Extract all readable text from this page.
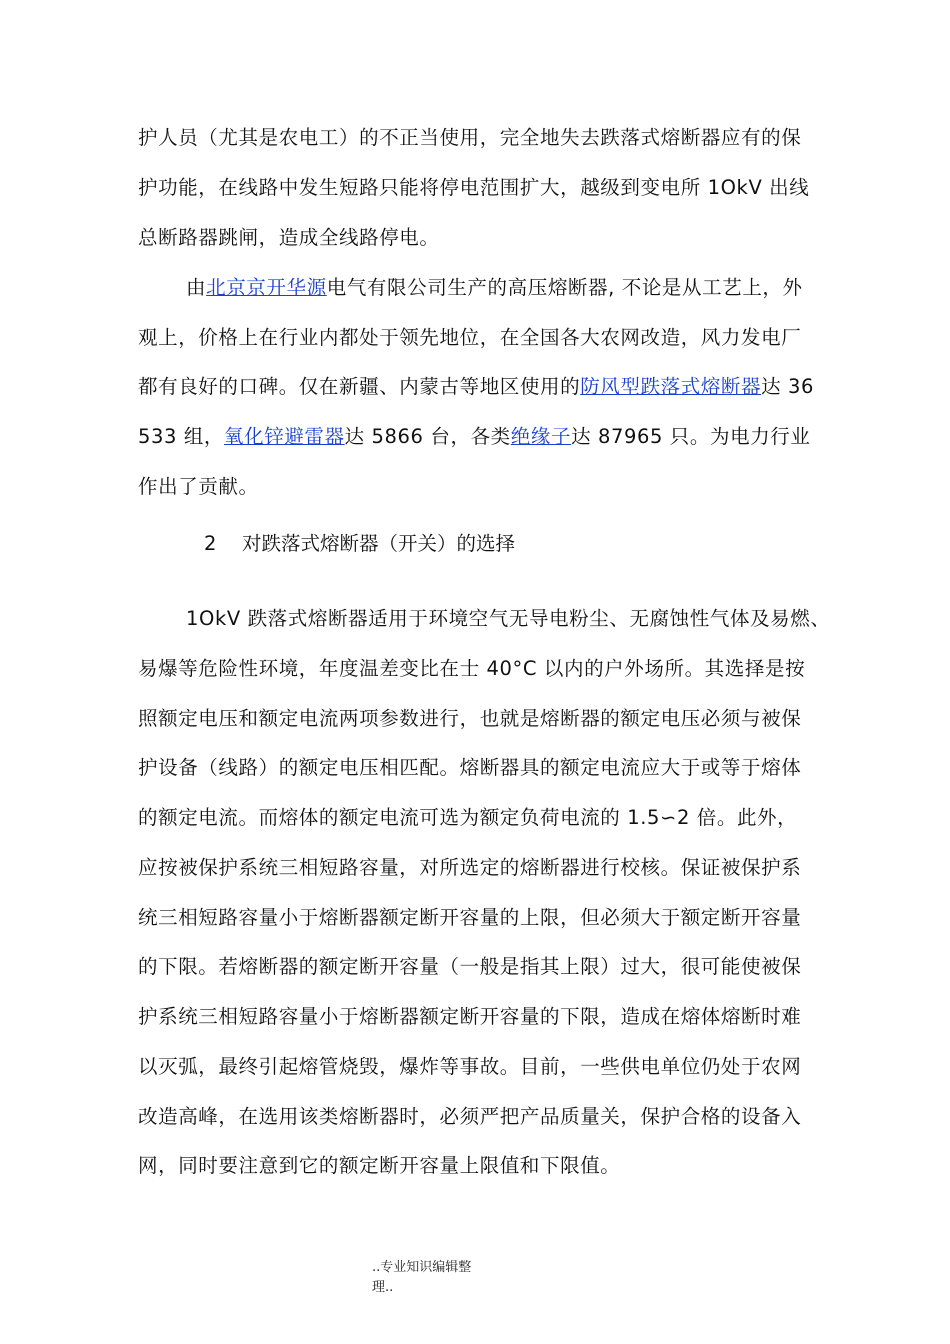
护人员（尤其是农电工）的不正当使用，完全地失去跌落式熔断器应有的保
护功能，在线路中发生短路只能将停电范围扩大，越级到变电所 1OkV 出线
总断路器跳闸，造成全线路停电。
由北京京开华源电气有限公司生产的高压熔断器, 不论是从工艺上，外
观上，价格上在行业内都处于领先地位，在全国各大农网改造，风力发电厂
都有良好的口碑。仅在新疆、内蒙古等地区使用的防风型跌落式熔断器达 36
533 组，氧化锌避雷器达 5866 台，各类绝缘子达 87965 只。为电力行业
作出了贡献。
2 对跌落式熔断器（开关）的选择
1OkV 跌落式熔断器适用于环境空气无导电粉尘、无腐蚀性气体及易燃、
易爆等危险性环境，年度温差变比在士 40°C 以内的户外场所。其选择是按
照额定电压和额定电流两项参数进行，也就是熔断器的额定电压必须与被保
护设备（线路）的额定电压相匹配。熔断器具的额定电流应大于或等于熔体
的额定电流。而熔体的额定电流可选为额定负荷电流的 1.5∽2 倍。此外，
应按被保护系统三相短路容量，对所选定的熔断器进行校核。保证被保护系
统三相短路容量小于熔断器额定断开容量的上限，但必须大于额定断开容量
的下限。若熔断器的额定断开容量（一般是指其上限）过大，很可能使被保
护系统三相短路容量小于熔断器额定断开容量的下限，造成在熔体熔断时难
以灭弧，最终引起熔管烧毁，爆炸等事故。目前，一些供电单位仍处于农网
改造高峰，在选用该类熔断器时，必须严把产品质量关，保护合格的设备入
网，同时要注意到它的额定断开容量上限值和下限值。
..专业知识编辑整
理..
